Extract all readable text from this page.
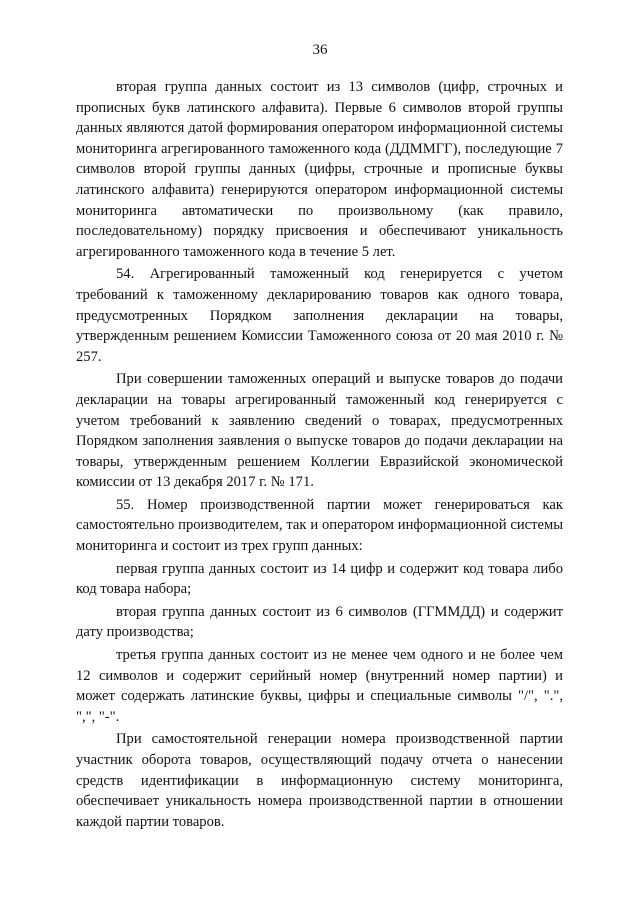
36

вторая группа данных состоит из 13 символов (цифр, строчных и прописных букв латинского алфавита). Первые 6 символов второй группы данных являются датой формирования оператором информационной системы мониторинга агрегированного таможенного кода (ДДММГГ), последующие 7 символов второй группы данных (цифры, строчные и прописные буквы латинского алфавита) генерируются оператором информационной системы мониторинга автоматически по произвольному (как правило, последовательному) порядку присвоения и обеспечивают уникальность агрегированного таможенного кода в течение 5 лет.

54. Агрегированный таможенный код генерируется с учетом требований к таможенному декларированию товаров как одного товара, предусмотренных Порядком заполнения декларации на товары, утвержденным решением Комиссии Таможенного союза от 20 мая 2010 г. № 257.

При совершении таможенных операций и выпуске товаров до подачи декларации на товары агрегированный таможенный код генерируется с учетом требований к заявлению сведений о товарах, предусмотренных Порядком заполнения заявления о выпуске товаров до подачи декларации на товары, утвержденным решением Коллегии Евразийской экономической комиссии от 13 декабря 2017 г. № 171.

55. Номер производственной партии может генерироваться как самостоятельно производителем, так и оператором информационной системы мониторинга и состоит из трех групп данных:

первая группа данных состоит из 14 цифр и содержит код товара либо код товара набора;

вторая группа данных состоит из 6 символов (ГГММДД) и содержит дату производства;

третья группа данных состоит из не менее чем одного и не более чем 12 символов и содержит серийный номер (внутренний номер партии) и может содержать латинские буквы, цифры и специальные символы "/", ".", ",", "-".

При самостоятельной генерации номера производственной партии участник оборота товаров, осуществляющий подачу отчета о нанесении средств идентификации в информационную систему мониторинга, обеспечивает уникальность номера производственной партии в отношении каждой партии товаров.
